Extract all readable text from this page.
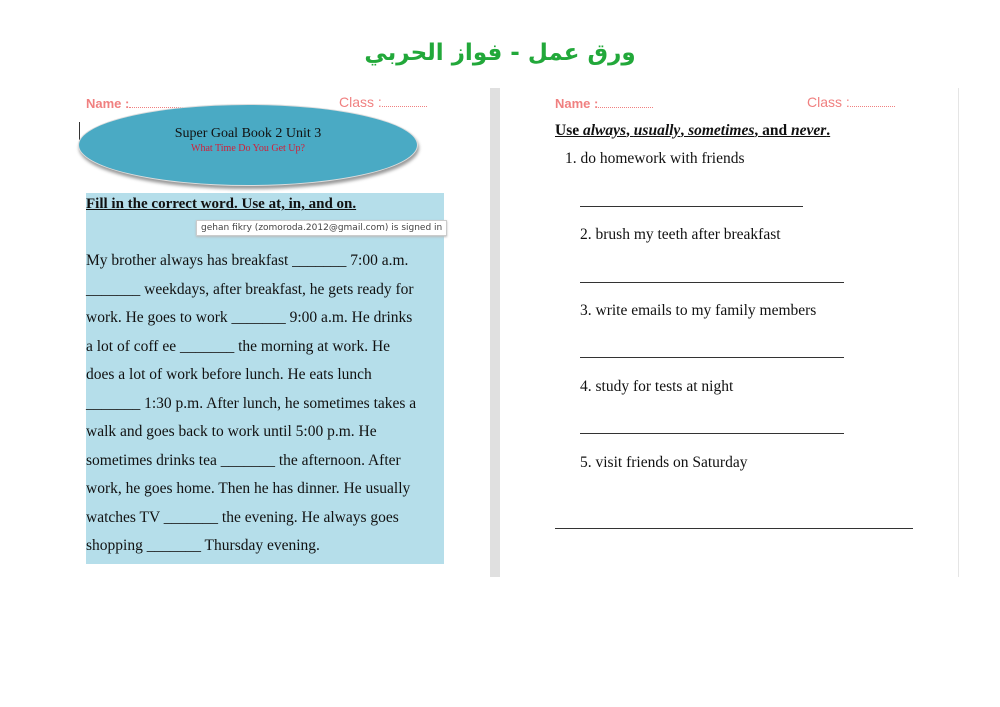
ورق عمل - فواز الحربي
Name :	Class :
Super Goal Book 2 Unit 3
What Time Do You Get Up?
Fill in the correct word. Use at, in, and on.
My brother always has breakfast _______ 7:00 a.m.
_______ weekdays, after breakfast, he gets ready for
work. He goes to work _______ 9:00 a.m. He drinks
a lot of coff ee _______ the morning at work. He
does a lot of work before lunch. He eats lunch
_______ 1:30 p.m. After lunch, he sometimes takes a
walk and goes back to work until 5:00 p.m. He
sometimes drinks tea _______ the afternoon. After
work, he goes home. Then he has dinner. He usually
watches TV _______ the evening. He always goes
shopping _______ Thursday evening.
gehan fikry (zomoroda.2012@gmail.com) is signed in
Name :	Class :
Use always, usually, sometimes, and never.
1. do homework with friends
2. brush my teeth after breakfast
3. write emails to my family members
4. study for tests at night
5. visit friends on Saturday
